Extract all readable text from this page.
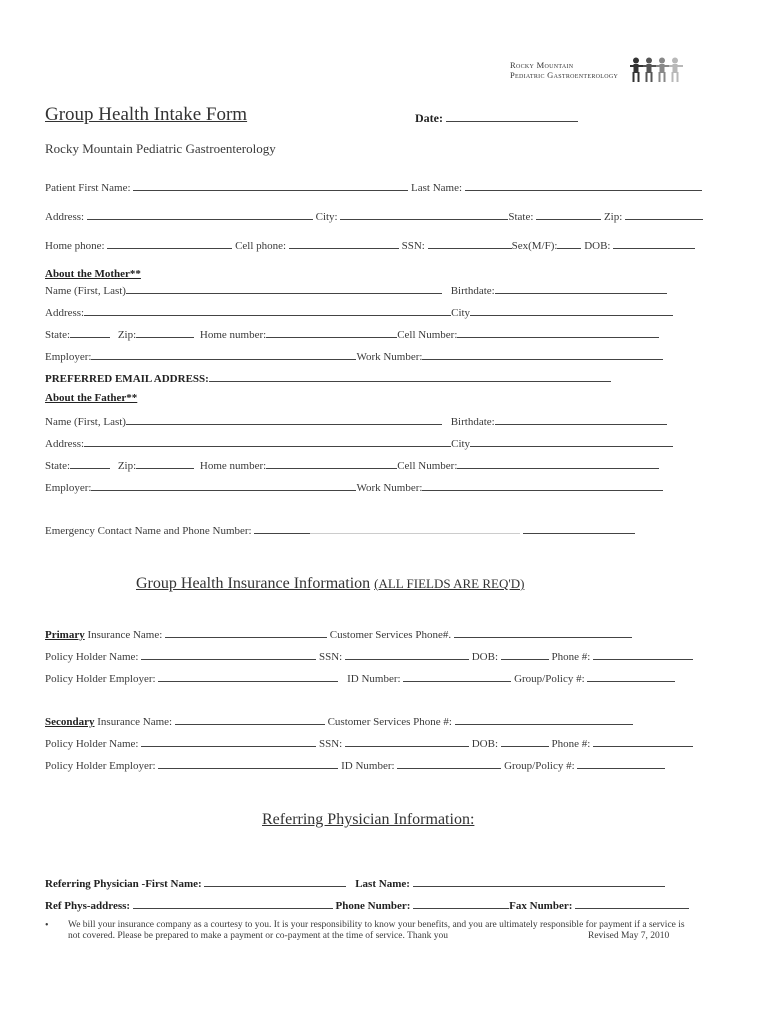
Rocky Mountain
Pediatric Gastroenterology
Group Health Intake Form	Date:
Rocky Mountain Pediatric Gastroenterology
Patient First Name:	Last Name:
Address:	City:	State:	Zip:
Home phone:	Cell phone:	SSN:	Sex(M/F): DOB:
About the Mother**
Name (First, Last)	Birthdate:
Address:	City
State:	Zip:	Home number:	Cell Number:
Employer:	Work Number:
PREFERRED EMAIL ADDRESS:
About the Father**
Name (First, Last)	Birthdate:
Address:	City
State:	Zip:	Home number:	Cell Number:
Employer:	Work Number:
Emergency Contact Name and Phone Number:
Group Health Insurance Information (ALL FIELDS ARE REQ'D)
Primary Insurance Name:	Customer Services Phone#.
Policy Holder Name:	SSN:	DOB:	Phone #:
Policy Holder Employer:	ID Number:	Group/Policy #:
Secondary Insurance Name:	Customer Services Phone #:
Policy Holder Name:	SSN:	DOB:	Phone #:
Policy Holder Employer:	ID Number:	Group/Policy #:
Referring Physician Information:
Referring Physician -First Name:	Last Name:
Ref Phys-address:	Phone Number:	Fax Number:
• We bill your insurance company as a courtesy to you. It is your responsibility to know your benefits, and you are ultimately responsible for payment if a service is
not covered. Please be prepared to make a payment or co-payment at the time of service. Thank you	Revised May 7, 2010
